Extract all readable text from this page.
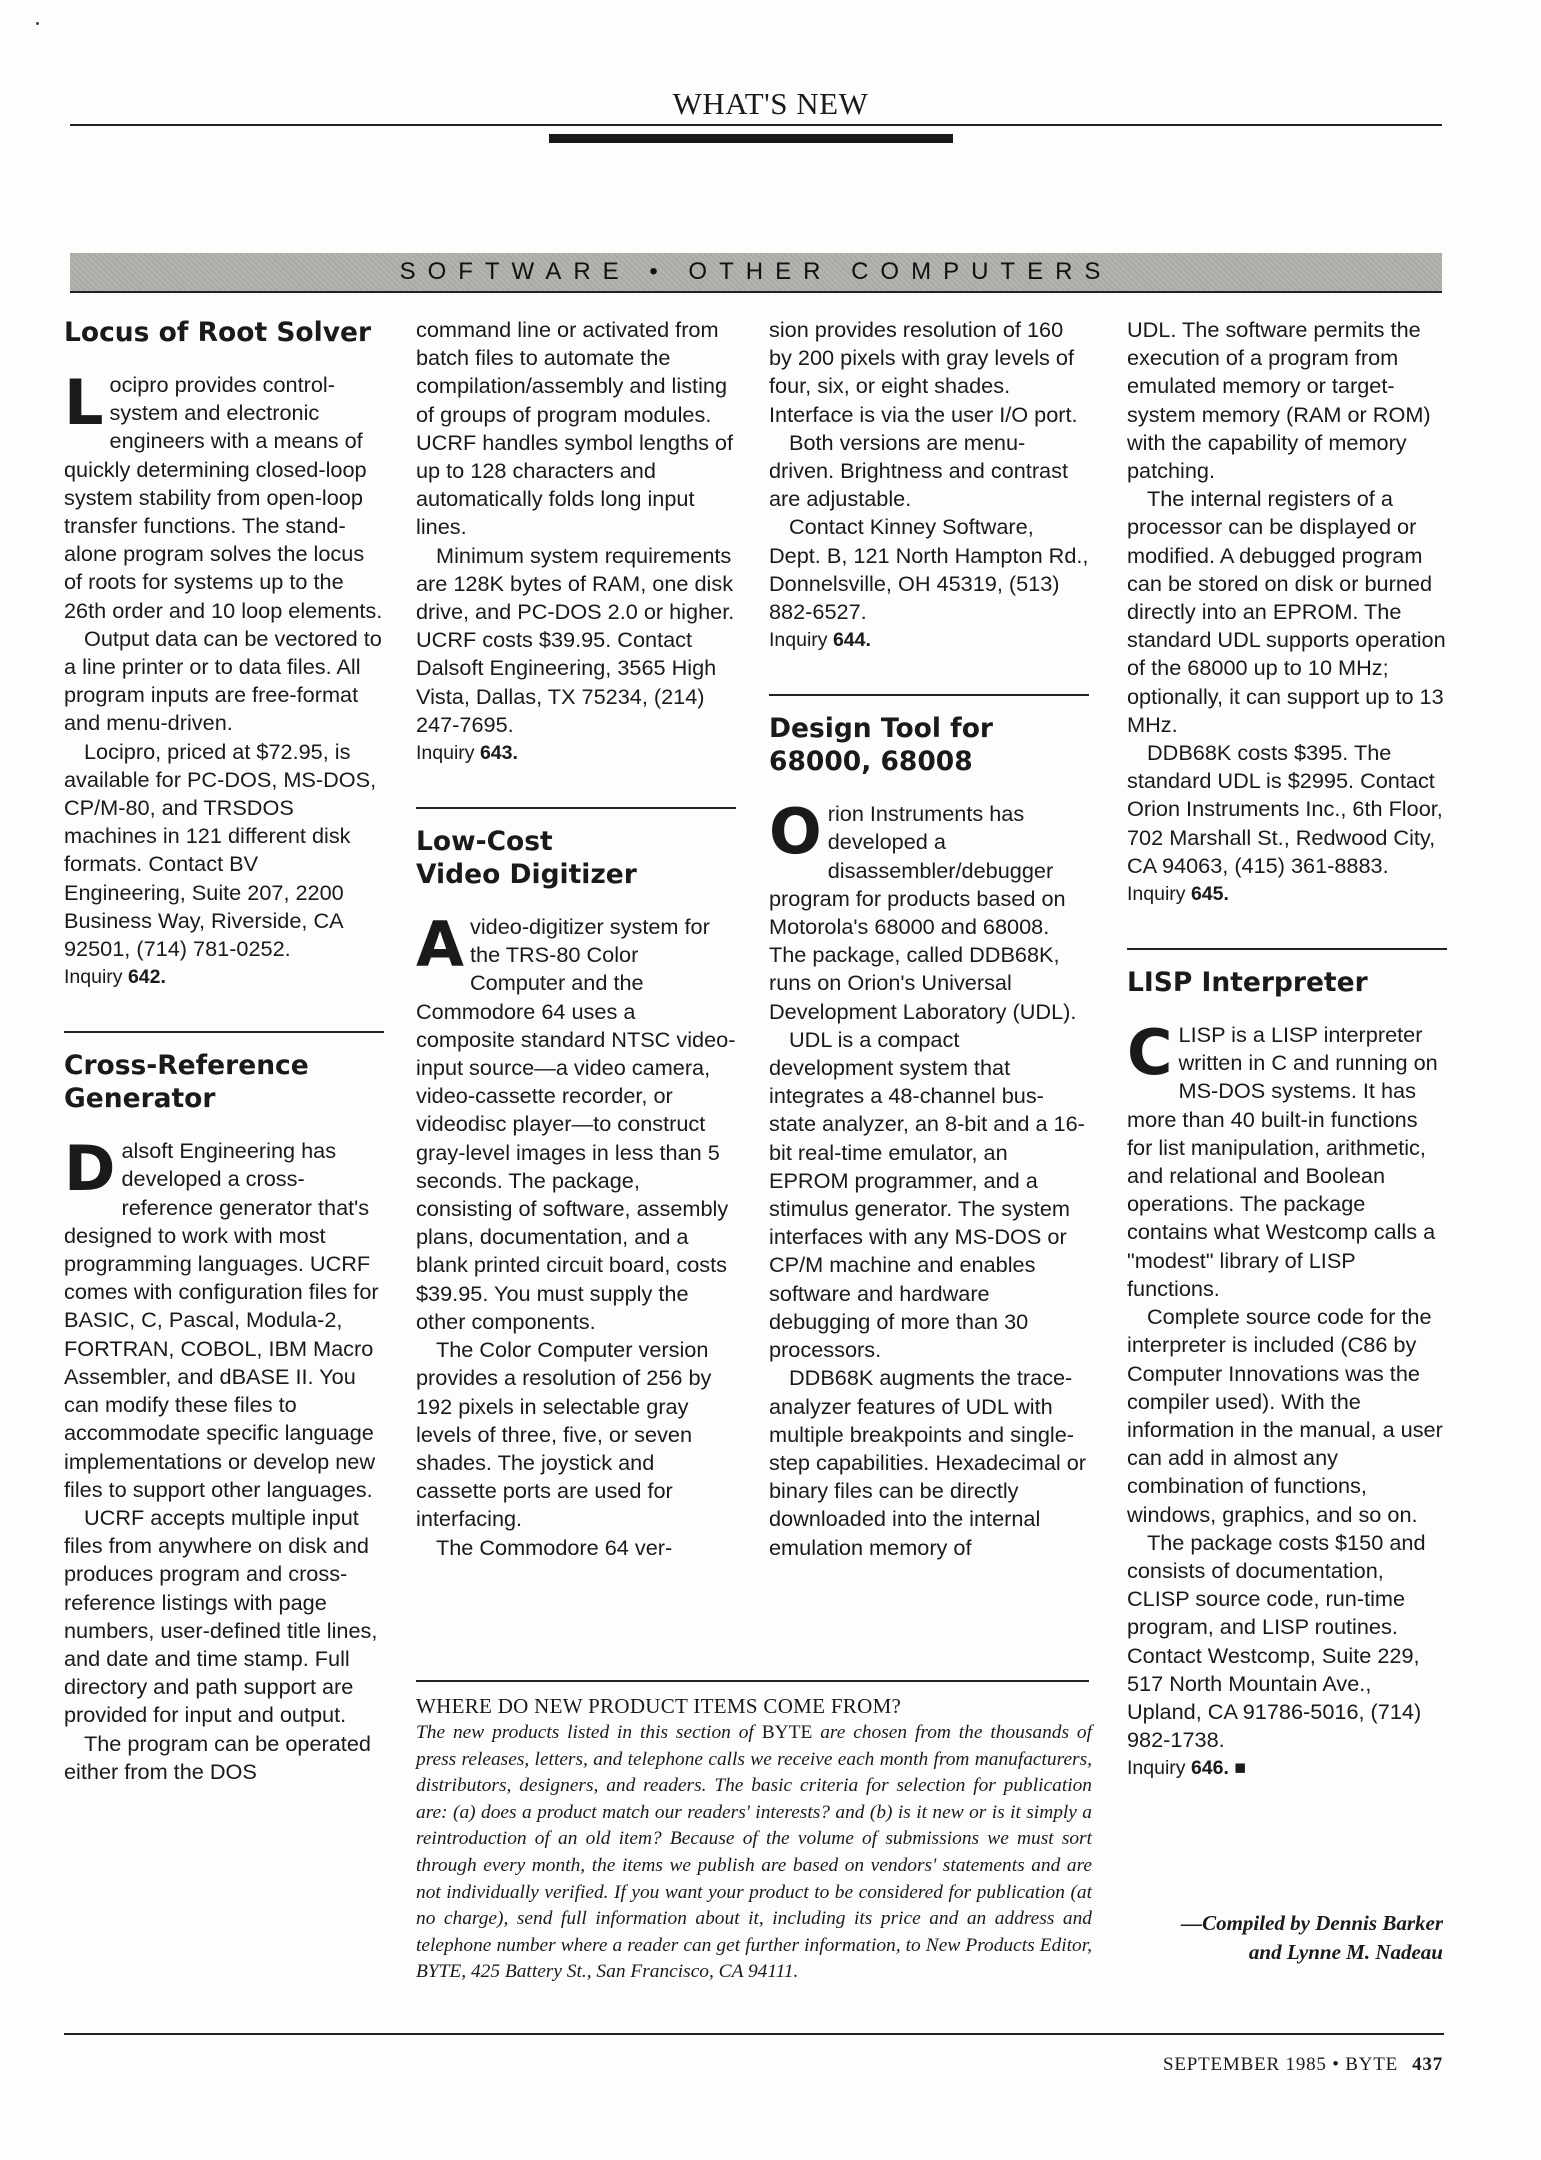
WHAT'S NEW
SOFTWARE • OTHER COMPUTERS
Locus of Root Solver

Locipro provides control-system and electronic engineers with a means of quickly determining closed-loop system stability from open-loop transfer functions. The stand-alone program solves the locus of roots for systems up to the 26th order and 10 loop elements.

Output data can be vectored to a line printer or to data files. All program inputs are free-format and menu-driven.

Locipro, priced at $72.95, is available for PC-DOS, MS-DOS, CP/M-80, and TRSDOS machines in 121 different disk formats. Contact BV Engineering, Suite 207, 2200 Business Way, Riverside, CA 92501, (714) 781-0252.

Inquiry 642.

Cross-Reference
Generator

Dalsoft Engineering has developed a cross-reference generator that's designed to work with most programming languages. UCRF comes with configuration files for BASIC, C, Pascal, Modula-2, FORTRAN, COBOL, IBM Macro Assembler, and dBASE II. You can modify these files to accommodate specific language implementations or develop new files to support other languages.

UCRF accepts multiple input files from anywhere on disk and produces program and cross-reference listings with page numbers, user-defined title lines, and date and time stamp. Full directory and path support are provided for input and output.

The program can be operated either from the DOS

command line or activated from batch files to automate the compilation/assembly and listing of groups of program modules. UCRF handles symbol lengths of up to 128 characters and automatically folds long input lines.

Minimum system requirements are 128K bytes of RAM, one disk drive, and PC-DOS 2.0 or higher. UCRF costs $39.95. Contact Dalsoft Engineering, 3565 High Vista, Dallas, TX 75234, (214) 247-7695.

Inquiry 643.

Low-Cost
Video Digitizer

Avideo-digitizer system for the TRS-80 Color Computer and the Commodore 64 uses a composite standard NTSC video-input source—a video camera, video-cassette recorder, or videodisc player—to construct gray-level images in less than 5 seconds. The package, consisting of software, assembly plans, documentation, and a blank printed circuit board, costs $39.95. You must supply the other components.

The Color Computer version provides a resolution of 256 by 192 pixels in selectable gray levels of three, five, or seven shades. The joystick and cassette ports are used for interfacing.

The Commodore 64 ver-

sion provides resolution of 160 by 200 pixels with gray levels of four, six, or eight shades. Interface is via the user I/O port.

Both versions are menu-driven. Brightness and contrast are adjustable.

Contact Kinney Software, Dept. B, 121 North Hampton Rd., Donnelsville, OH 45319, (513) 882-6527.

Inquiry 644.

Design Tool for
68000, 68008

Orion Instruments has developed a disassembler/debugger program for products based on Motorola's 68000 and 68008. The package, called DDB68K, runs on Orion's Universal Development Laboratory (UDL).

UDL is a compact development system that integrates a 48-channel bus-state analyzer, an 8-bit and a 16-bit real-time emulator, an EPROM programmer, and a stimulus generator. The system interfaces with any MS-DOS or CP/M machine and enables software and hardware debugging of more than 30 processors.

DDB68K augments the trace-analyzer features of UDL with multiple breakpoints and single-step capabilities. Hexadecimal or binary files can be directly downloaded into the internal emulation memory of

UDL. The software permits the execution of a program from emulated memory or target-system memory (RAM or ROM) with the capability of memory patching.

The internal registers of a processor can be displayed or modified. A debugged program can be stored on disk or burned directly into an EPROM. The standard UDL supports operation of the 68000 up to 10 MHz; optionally, it can support up to 13 MHz.

DDB68K costs $395. The standard UDL is $2995. Contact Orion Instruments Inc., 6th Floor, 702 Marshall St., Redwood City, CA 94063, (415) 361-8883.

Inquiry 645.

LISP Interpreter

CLISP is a LISP interpreter written in C and running on MS-DOS systems. It has more than 40 built-in functions for list manipulation, arithmetic, and relational and Boolean operations. The package contains what Westcomp calls a "modest" library of LISP functions.

Complete source code for the interpreter is included (C86 by Computer Innovations was the compiler used). With the information in the manual, a user can add in almost any combination of functions, windows, graphics, and so on.

The package costs $150 and consists of documentation, CLISP source code, run-time program, and LISP routines. Contact Westcomp, Suite 229, 517 North Mountain Ave., Upland, CA 91786-5016, (714) 982-1738.

Inquiry 646. ■

WHERE DO NEW PRODUCT ITEMS COME FROM?
The new products listed in this section of BYTE are chosen from the thousands of press releases, letters, and telephone calls we receive each month from manufacturers, distributors, designers, and readers. The basic criteria for selection for publication are: (a) does a product match our readers' interests? and (b) is it new or is it simply a reintroduction of an old item? Because of the volume of submissions we must sort through every month, the items we publish are based on vendors' statements and are not individually verified. If you want your product to be considered for publication (at no charge), send full information about it, including its price and an address and telephone number where a reader can get further information, to New Products Editor, BYTE, 425 Battery St., San Francisco, CA 94111.
—Compiled by Dennis Barker
and Lynne M. Nadeau
SEPTEMBER 1985 • BYTE 437
